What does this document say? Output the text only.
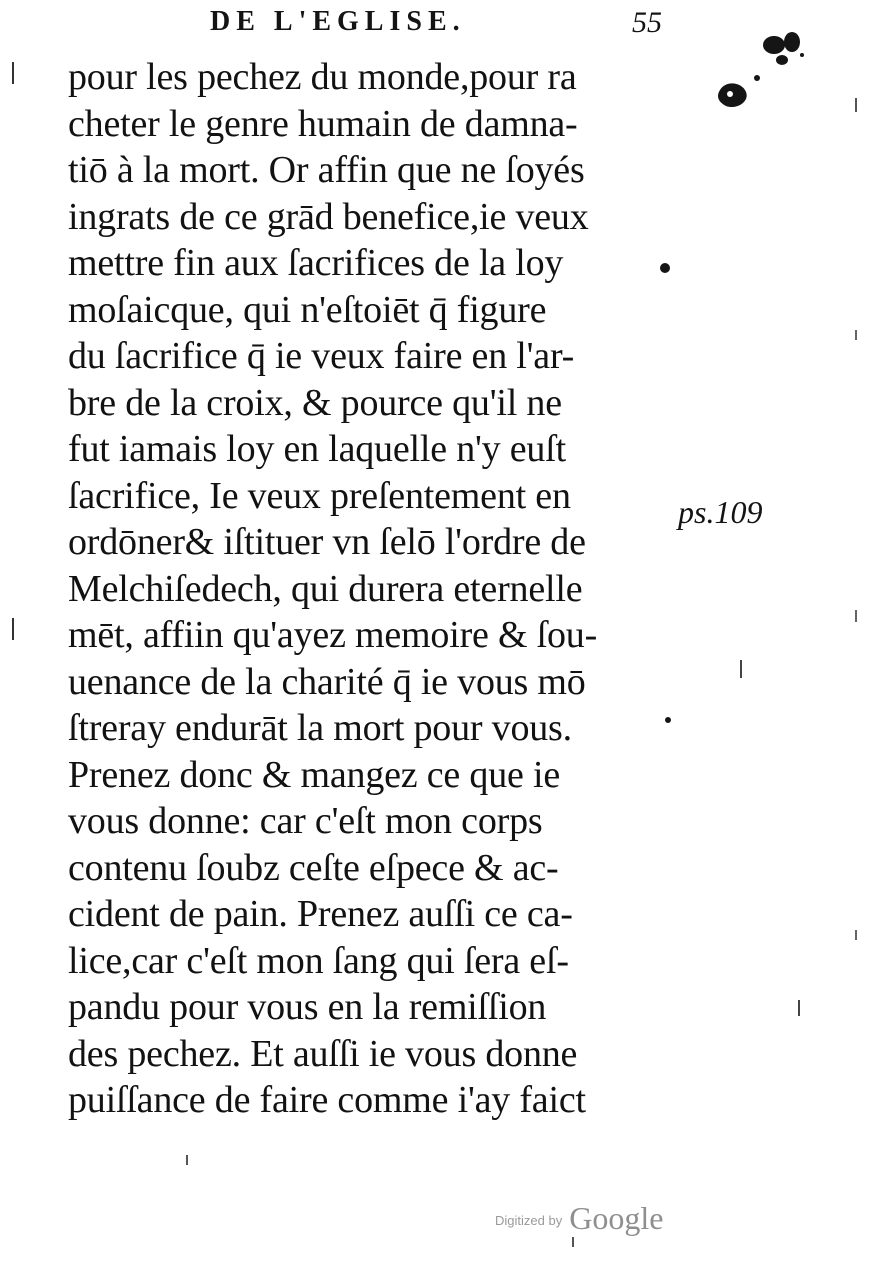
DE L'EGLISE.	55
pour les pechez du monde,pour ra
cheter le genre humain de damna-
tiō à la mort. Or affin que ne ſoyés
ingrats de ce grād benefice,ie veux
mettre fin aux ſacrifices de la loy
moſaicque, qui n'eſtoiēt q̄ figure
du ſacrifice q̄ ie veux faire en l'ar-
bre de la croix, & pource qu'il ne
fut iamais loy en laquelle n'y euſt
ſacrifice, Ie veux preſentement en
ordōner& iſtituer vn ſelō l'ordre de
Melchiſedech, qui durera eternelle
mēt, affiin qu'ayez memoire & ſou-
uenance de la charité q̄ ie vous mō
ſtreray endurāt la mort pour vous.
Prenez donc & mangez ce que ie
vous donne: car c'eſt mon corps
contenu ſoubz ceſte eſpece & ac-
cident de pain. Prenez auſſi ce ca-
lice,car c'eſt mon ſang qui ſera eſ-
pandu pour vous en la remiſſion
des pechez. Et auſſi ie vous donne
puiſſance de faire comme i'ay faict
ps.109
$^{Digitized by}$ Google
